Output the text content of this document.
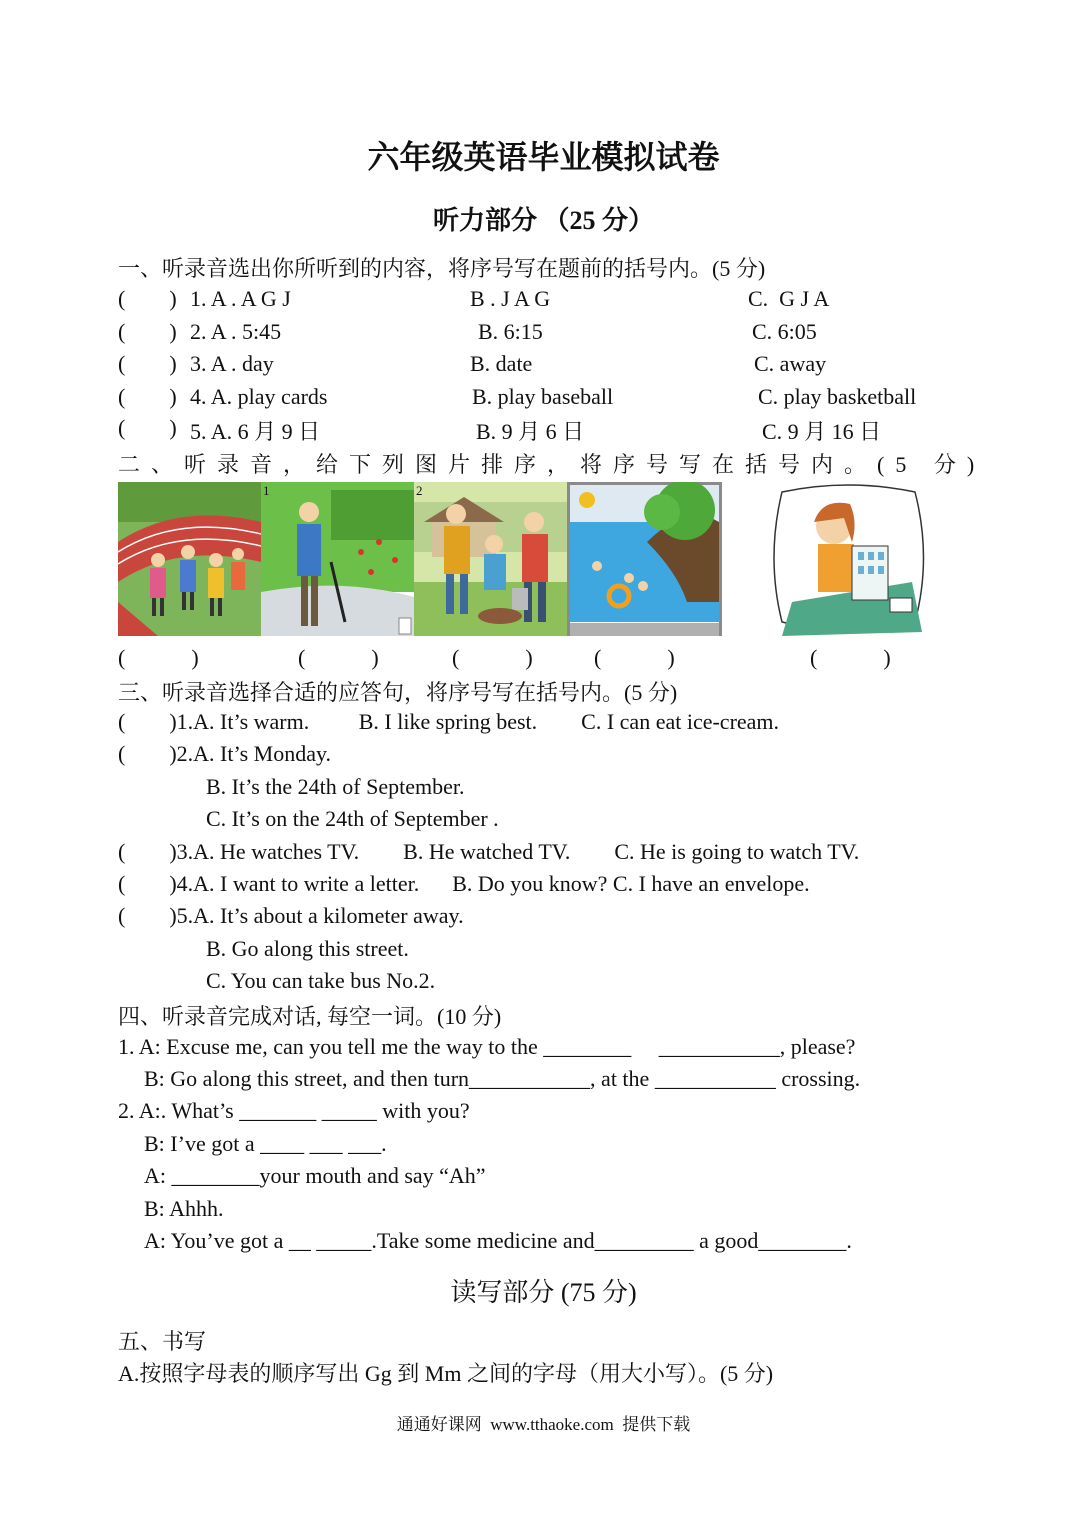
六年级英语毕业模拟试卷
听力部分 （25 分）
一、听录音选出你所听到的内容，将序号写在题前的括号内。(5 分)
(        ) 1. A . A G J	B . J A G	C.  G J A
(        ) 2. A . 5:45	B. 6:15	C. 6:05
(        ) 3. A . day	B. date	C. away
(        ) 4. A. play cards	B. play baseball	C. play basketball
(        ) 5. A. 6 月 9 日	B. 9 月 6 日	C. 9 月 16 日
二、听录音，给下列图片排序，将序号写在括号内。(5 分)
1	2
(            )	(            )	(            )	(            )	(            )
三、听录音选择合适的应答句，将序号写在括号内。(5 分)
(        )1.A. It’s warm.         B. I like spring best.        C. I can eat ice-cream.
(        )2.A. It’s Monday.
B. It’s the 24th of September.
C. It’s on the 24th of September .
(        )3.A. He watches TV.        B. He watched TV.        C. He is going to watch TV.
(        )4.A. I want to write a letter.      B. Do you know? C. I have an envelope.
(        )5.A. It’s about a kilometer away.
B. Go along this street.
C. You can take bus No.2.
四、听录音完成对话, 每空一词。(10 分)
1. A: Excuse me, can you tell me the way to the ________     ___________, please?
B: Go along this street, and then turn___________, at the ___________ crossing.
2. A:. What’s _______ _____ with you?
B: I’ve got a ____ ___ ___.
A: ________your mouth and say “Ah”
B: Ahhh.
A: You’ve got a __ _____.Take some medicine and_________ a good________.
读写部分 (75 分)
五、书写
A.按照字母表的顺序写出 Gg 到 Mm 之间的字母（用大小写）。(5 分)
通通好课网  www.tthaoke.com  提供下载
